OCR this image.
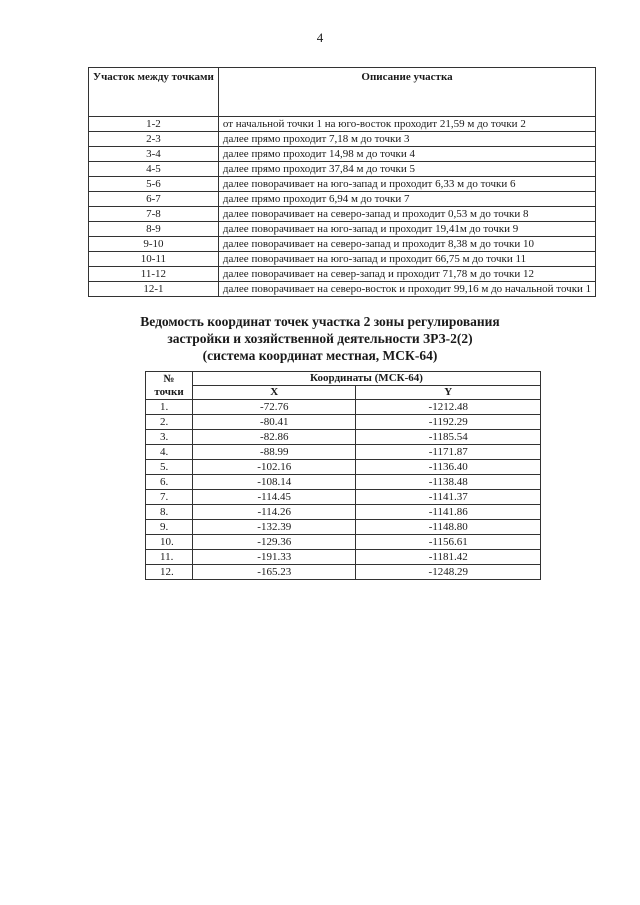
4
Участок между точками	Описание участка
1-2	от начальной точки 1 на юго-восток проходит 21,59 м до точки 2
2-3	далее прямо проходит 7,18 м до точки 3
3-4	далее прямо проходит 14,98 м до точки 4
4-5	далее прямо проходит 37,84 м до точки 5
5-6	далее поворачивает на юго-запад и проходит 6,33 м до точки 6
6-7	далее прямо проходит 6,94 м до точки 7
7-8	далее поворачивает на северо-запад и проходит 0,53 м до точки 8
8-9	далее поворачивает на юго-запад и проходит 19,41м до точки 9
9-10	далее поворачивает на северо-запад и проходит 8,38 м до точки 10
10-11	далее поворачивает на юго-запад и проходит 66,75 м до точки 11
11-12	далее поворачивает на север-запад и проходит 71,78 м до точки 12
12-1	далее поворачивает на северо-восток и проходит 99,16 м до начальной точки 1
Ведомость координат точек участка 2 зоны регулирования
застройки и хозяйственной деятельности ЗРЗ-2(2)
(система координат местная, МСК-64)
№
точки	Координаты (МСК-64)	
	X	Y
1.	-72.76	-1212.48
2.	-80.41	-1192.29
3.	-82.86	-1185.54
4.	-88.99	-1171.87
5.	-102.16	-1136.40
6.	-108.14	-1138.48
7.	-114.45	-1141.37
8.	-114.26	-1141.86
9.	-132.39	-1148.80
10.	-129.36	-1156.61
11.	-191.33	-1181.42
12.	-165.23	-1248.29
